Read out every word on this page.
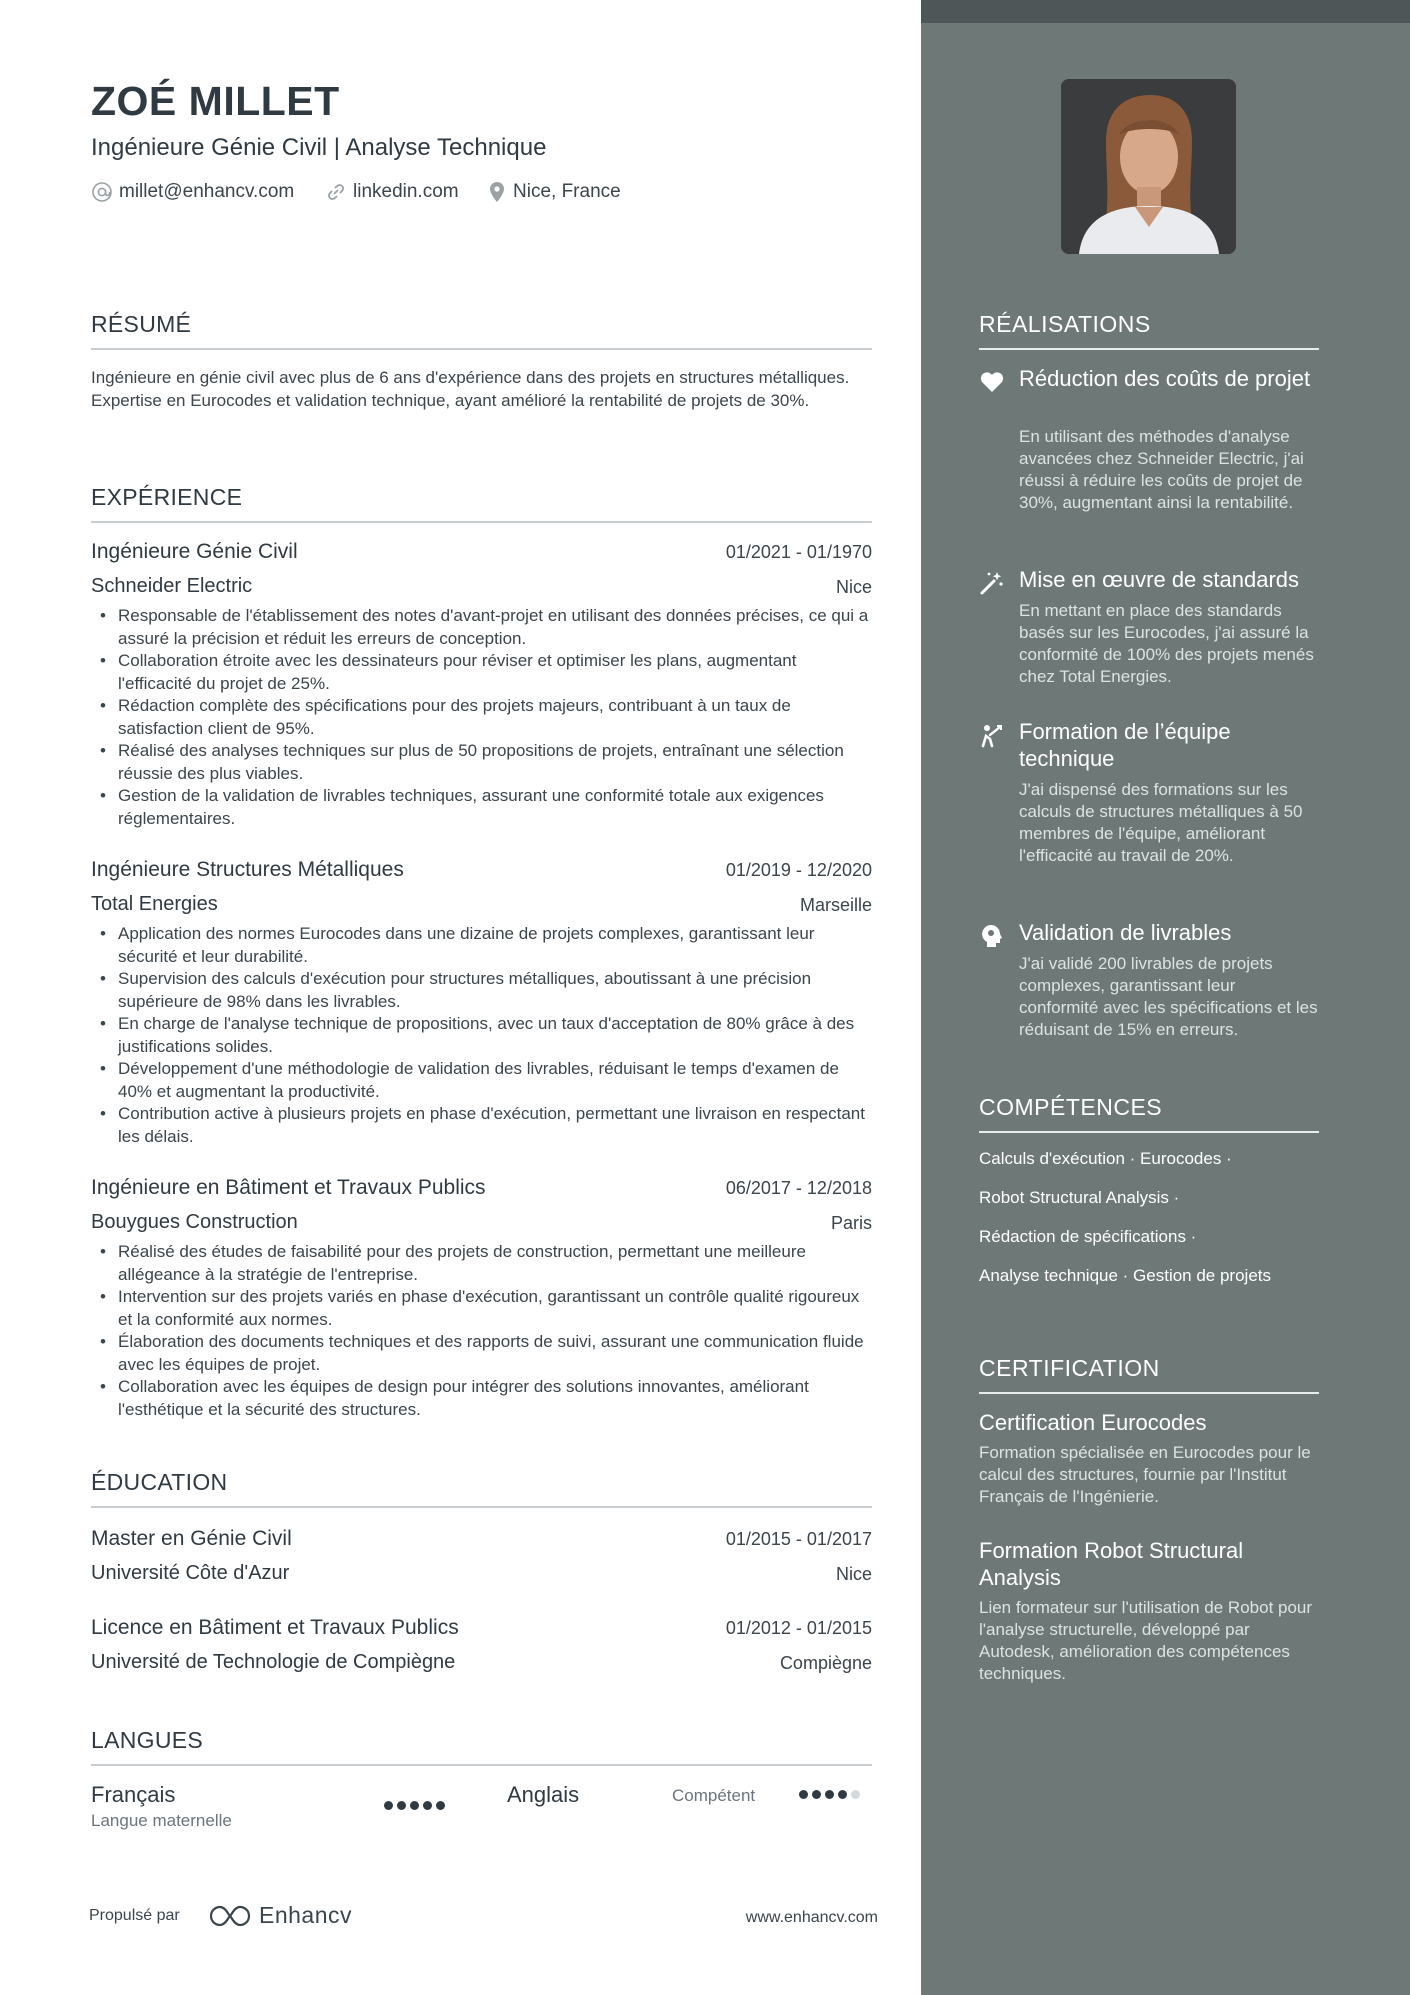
ZOÉ MILLET
Ingénieure Génie Civil | Analyse Technique
millet@enhancv.com	linkedin.com	Nice, France
RÉSUMÉ
Ingénieure en génie civil avec plus de 6 ans d'expérience dans des projets en structures métalliques. Expertise en Eurocodes et validation technique, ayant amélioré la rentabilité de projets de 30%.
EXPÉRIENCE
Ingénieure Génie Civil	01/2021 - 01/1970
Schneider Electric	Nice
• Responsable de l'établissement des notes d'avant-projet en utilisant des données précises, ce qui a assuré la précision et réduit les erreurs de conception.
• Collaboration étroite avec les dessinateurs pour réviser et optimiser les plans, augmentant l'efficacité du projet de 25%.
• Rédaction complète des spécifications pour des projets majeurs, contribuant à un taux de satisfaction client de 95%.
• Réalisé des analyses techniques sur plus de 50 propositions de projets, entraînant une sélection réussie des plus viables.
• Gestion de la validation de livrables techniques, assurant une conformité totale aux exigences réglementaires.
Ingénieure Structures Métalliques	01/2019 - 12/2020
Total Energies	Marseille
• Application des normes Eurocodes dans une dizaine de projets complexes, garantissant leur sécurité et leur durabilité.
• Supervision des calculs d'exécution pour structures métalliques, aboutissant à une précision supérieure de 98% dans les livrables.
• En charge de l'analyse technique de propositions, avec un taux d'acceptation de 80% grâce à des justifications solides.
• Développement d'une méthodologie de validation des livrables, réduisant le temps d'examen de 40% et augmentant la productivité.
• Contribution active à plusieurs projets en phase d'exécution, permettant une livraison en respectant les délais.
Ingénieure en Bâtiment et Travaux Publics	06/2017 - 12/2018
Bouygues Construction	Paris
• Réalisé des études de faisabilité pour des projets de construction, permettant une meilleure allégeance à la stratégie de l'entreprise.
• Intervention sur des projets variés en phase d'exécution, garantissant un contrôle qualité rigoureux et la conformité aux normes.
• Élaboration des documents techniques et des rapports de suivi, assurant une communication fluide avec les équipes de projet.
• Collaboration avec les équipes de design pour intégrer des solutions innovantes, améliorant l'esthétique et la sécurité des structures.
ÉDUCATION
Master en Génie Civil	01/2015 - 01/2017
Université Côte d'Azur	Nice
Licence en Bâtiment et Travaux Publics	01/2012 - 01/2015
Université de Technologie de Compiègne	Compiègne
LANGUES
Français
Langue maternelle
Anglais	Compétent
Propulsé par	Enhancv	www.enhancv.com
RÉALISATIONS
Réduction des coûts de projet
En utilisant des méthodes d'analyse avancées chez Schneider Electric, j'ai réussi à réduire les coûts de projet de 30%, augmentant ainsi la rentabilité.
Mise en œuvre de standards
En mettant en place des standards basés sur les Eurocodes, j'ai assuré la conformité de 100% des projets menés chez Total Energies.
Formation de l’équipe technique
J'ai dispensé des formations sur les calculs de structures métalliques à 50 membres de l'équipe, améliorant l'efficacité au travail de 20%.
Validation de livrables
J'ai validé 200 livrables de projets complexes, garantissant leur conformité avec les spécifications et les réduisant de 15% en erreurs.
COMPÉTENCES
Calculs d'exécution · Eurocodes ·
Robot Structural Analysis ·
Rédaction de spécifications ·
Analyse technique · Gestion de projets
CERTIFICATION
Certification Eurocodes
Formation spécialisée en Eurocodes pour le calcul des structures, fournie par l'Institut Français de l'Ingénierie.
Formation Robot Structural Analysis
Lien formateur sur l'utilisation de Robot pour l'analyse structurelle, développé par Autodesk, amélioration des compétences techniques.
